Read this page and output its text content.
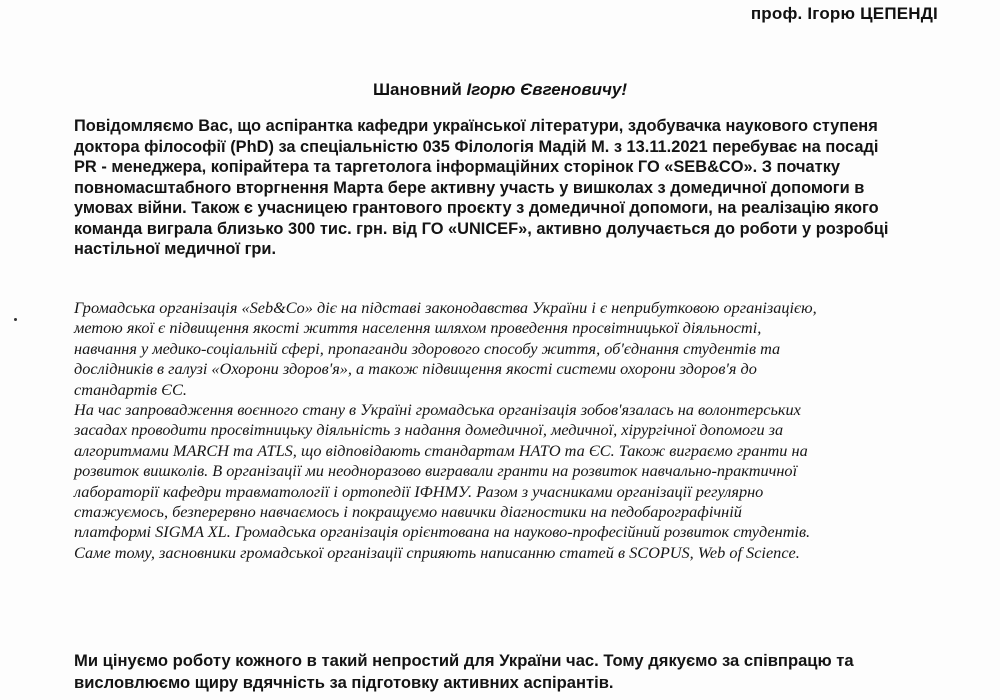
проф. Ігорю ЦЕПЕНДІ
Шановний Ігорю Євгеновичу!
Повідомляємо Вас, що аспірантка кафедри української літератури, здобувачка наукового ступеня
доктора філософії (PhD) за спеціальністю 035 Філологія Мадій М. з 13.11.2021 перебуває на посаді
PR - менеджера, копірайтера та таргетолога інформаційних сторінок ГО «SEB&CO». З початку
повномасштабного вторгнення Марта бере активну участь у вишколах з домедичної допомоги в
умовах війни. Також є учасницею грантового проєкту з домедичної допомоги, на реалізацію якого
команда виграла близько 300 тис. грн. від ГО «UNICEF», активно долучається до роботи у розробці
настільної медичної гри.
Громадська організація «Seb&Co» діє на підставі законодавства України і є неприбутковою організацією,
метою якої є підвищення якості життя населення шляхом проведення просвітницької діяльності,
навчання у медико-соціальній сфері, пропаганди здорового способу життя, об'єднання студентів та
дослідників в галузі «Охорони здоров'я», а також підвищення якості системи охорони здоров'я до
стандартів ЄС.
На час запровадження воєнного стану в Україні громадська організація зобов'язалась на волонтерських
засадах проводити просвітницьку діяльність з надання домедичної, медичної, хірургічної допомоги за
алгоритмами MARCH та ATLS, що відповідають стандартам НАТО та ЄС. Також виграємо гранти на
розвиток вишколів. В організації ми неодноразово вигравали гранти на розвиток навчально-практичної
лабораторії кафедри травматології і ортопедії ІФНМУ. Разом з учасниками організації регулярно
стажуємось, безперервно навчаємось і покращуємо навички діагностики на педобарографічній
платформі SIGMA XL. Громадська організація орієнтована на науково-професійний розвиток студентів.
Саме тому, засновники громадської організації сприяють написанню статей в SCOPUS, Web of Science.
Ми цінуємо роботу кожного в такий непростий для України час. Тому дякуємо за співпрацю та
висловлюємо щиру вдячність за підготовку активних аспірантів.
